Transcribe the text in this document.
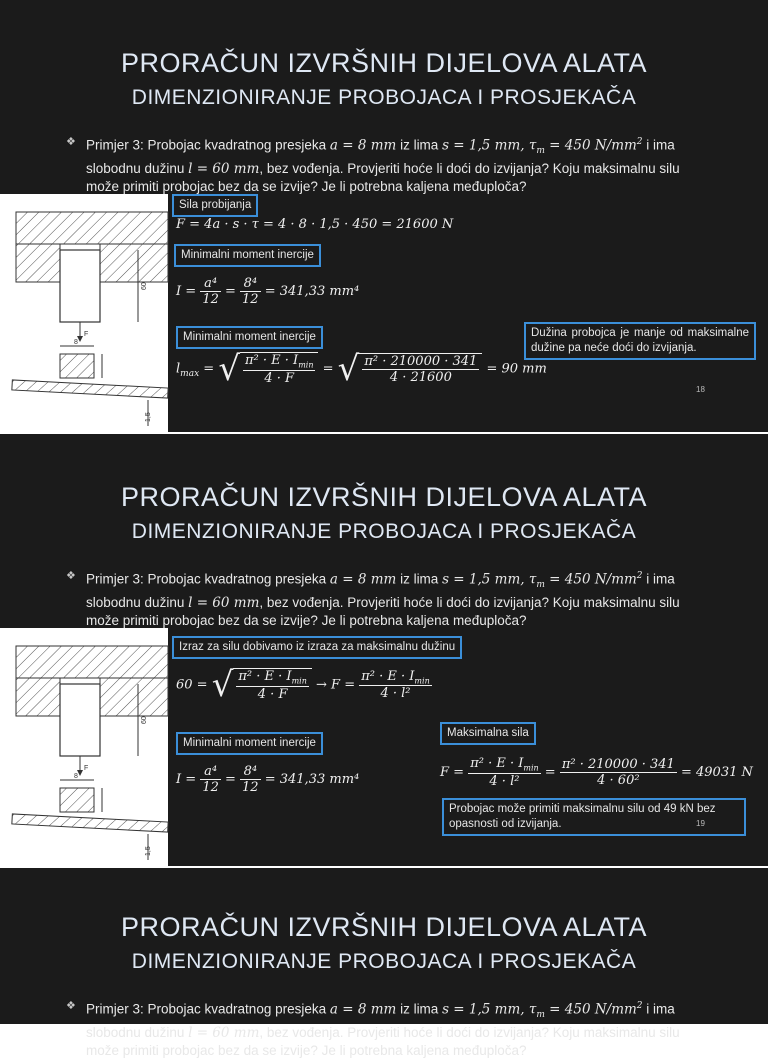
PRORAČUN IZVRŠNIH DIJELOVA ALATA
DIMENZIONIRANJE PROBOJACA I PROSJEKAČA
❖ Primjer 3: Probojac kvadratnog presjeka a = 8 mm iz lima s = 1,5 mm, $\tau_m = 450$ $N/mm^2$ i ima slobodnu dužinu l = 60 mm, bez vođenja. Provjeriti hoće li doći do izvijanja? Koju maksimalnu silu može primiti probojac bez da se izvije? Je li potrebna kaljena međuploča?
F
60
8
1,5
Sila probijanja
F = 4a · s · τ = 4 · 8 · 1,5 · 450 = 21600 N
Minimalni moment inercije
$I = \frac{\text{a⁴}}{12} = \frac{\text{8⁴}}{12} = 341,33$ mm⁴
Minimalni moment inercije
$l_{max}$ = √ $\frac{\pi^2 \cdot E \cdot I_{min}}{4 \cdot F}$ = √ $\frac{\text{π² · 210000 · 341}}{4 \cdot 21600} = 90$ mm
Dužina probojca je manje od maksimalne dužine pa neće doći do izvijanja.
18
PRORAČUN IZVRŠNIH DIJELOVA ALATA
DIMENZIONIRANJE PROBOJACA I PROSJEKAČA
❖ Primjer 3: Probojac kvadratnog presjeka a = 8 mm iz lima s = 1,5 mm, $\tau_m = 450$ $N/mm^2$ i ima slobodnu dužinu l = 60 mm, bez vođenja. Provjeriti hoće li doći do izvijanja? Koju maksimalnu silu može primiti probojac bez da se izvije? Je li potrebna kaljena međuploča?
F
60
8
1,5
Izraz za silu dobivamo iz izraza za maksimalnu dužinu
60 = √ $\frac{\pi^2 \cdot E \cdot I_{min}}{4 \cdot F} \to F = \frac{\pi^2 \cdot E \cdot I_{min}}{\text{4 · l²}}$
Minimalni moment inercije
$I = \frac{\text{a⁴}}{12} = \frac{\text{8⁴}}{12} = 341,33$ mm⁴
Maksimalna sila
$F = \frac{\pi^2 \cdot E \cdot I_{min}}{\text{4 · l²}} = \frac{\text{π² · 210000 · 341}}{\text{4 · 60²}} = 49031$ N
Probojac može primiti maksimalnu silu od 49 kN bez opasnosti od izvijanja.	19
PRORAČUN IZVRŠNIH DIJELOVA ALATA
DIMENZIONIRANJE PROBOJACA I PROSJEKAČA
❖ Primjer 3: Probojac kvadratnog presjeka a = 8 mm iz lima s = 1,5 mm, $\tau_m = 450$ $N/mm^2$ i ima slobodnu dužinu l = 60 mm, bez vođenja. Provjeriti hoće li doći do izvijanja? Koju maksimalnu silu može primiti probojac bez da se izvije? Je li potrebna kaljena međuploča?
